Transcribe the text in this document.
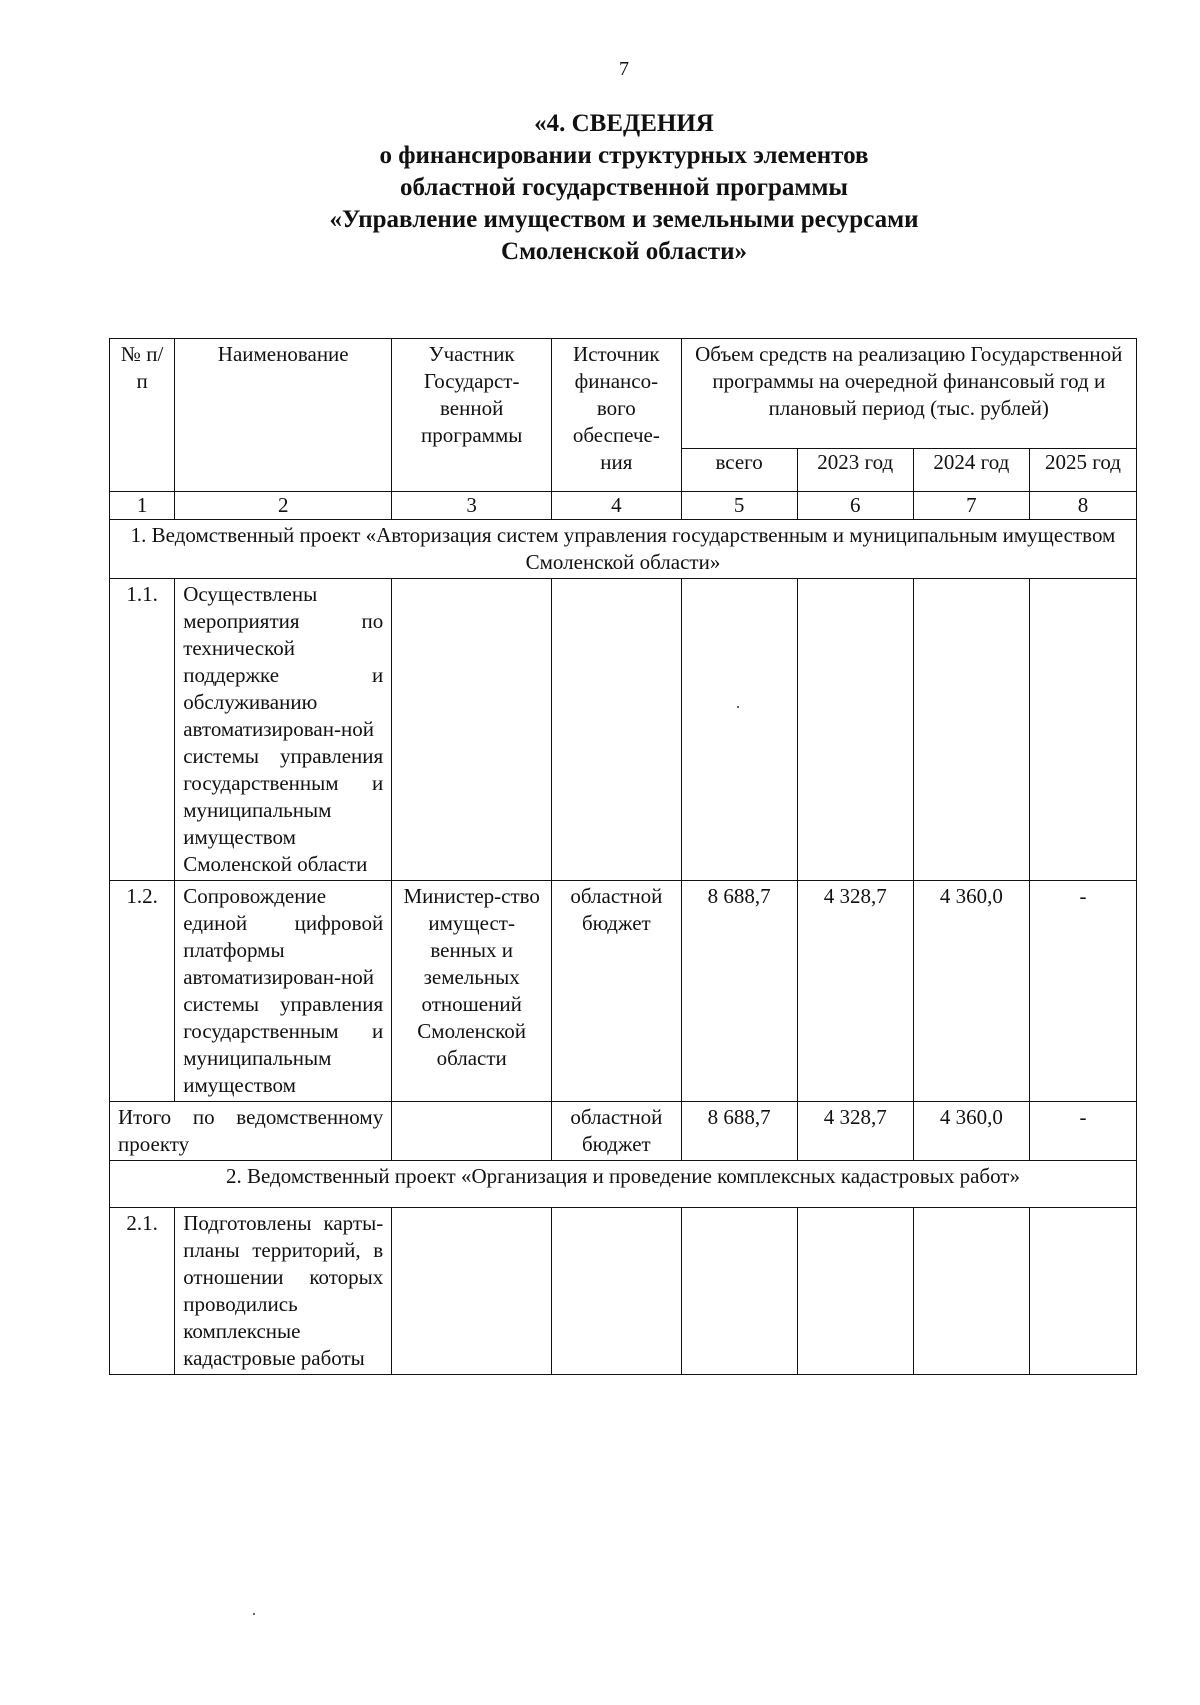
7
«4. СВЕДЕНИЯ
о финансировании структурных элементов
областной государственной программы
«Управление имуществом и земельными ресурсами
Смоленской области»
№ п/п	Наименование	Участник Государст-венной программы	Источник финансо-вого обеспече-ния	Объем средств на реализацию Государственной программы на очередной финансовый год и плановый период (тыс. рублей)			
				всего	2023 год	2024 год	2025 год
1	2	3	4	5	6	7	8
1. Ведомственный проект «Авторизация систем управления государственным и муниципальным имуществом Смоленской области»							
1.1.	Осуществлены мероприятия по технической поддержке и обслуживанию автоматизирован-ной системы управления государственным и муниципальным имуществом Смоленской области						
1.2.	Сопровождение единой цифровой платформы автоматизирован-ной системы управления государственным и муниципальным имуществом	Министер-ство имущест-венных и земельных отношений Смоленской области	областной бюджет	8 688,7	4 328,7	4 360,0	-
Итого по ведомственному проекту			областной бюджет	8 688,7	4 328,7	4 360,0	-
2. Ведомственный проект «Организация и проведение комплексных кадастровых работ»							
2.1.	Подготовлены карты-планы территорий, в отношении которых проводились комплексные кадастровые работы						
